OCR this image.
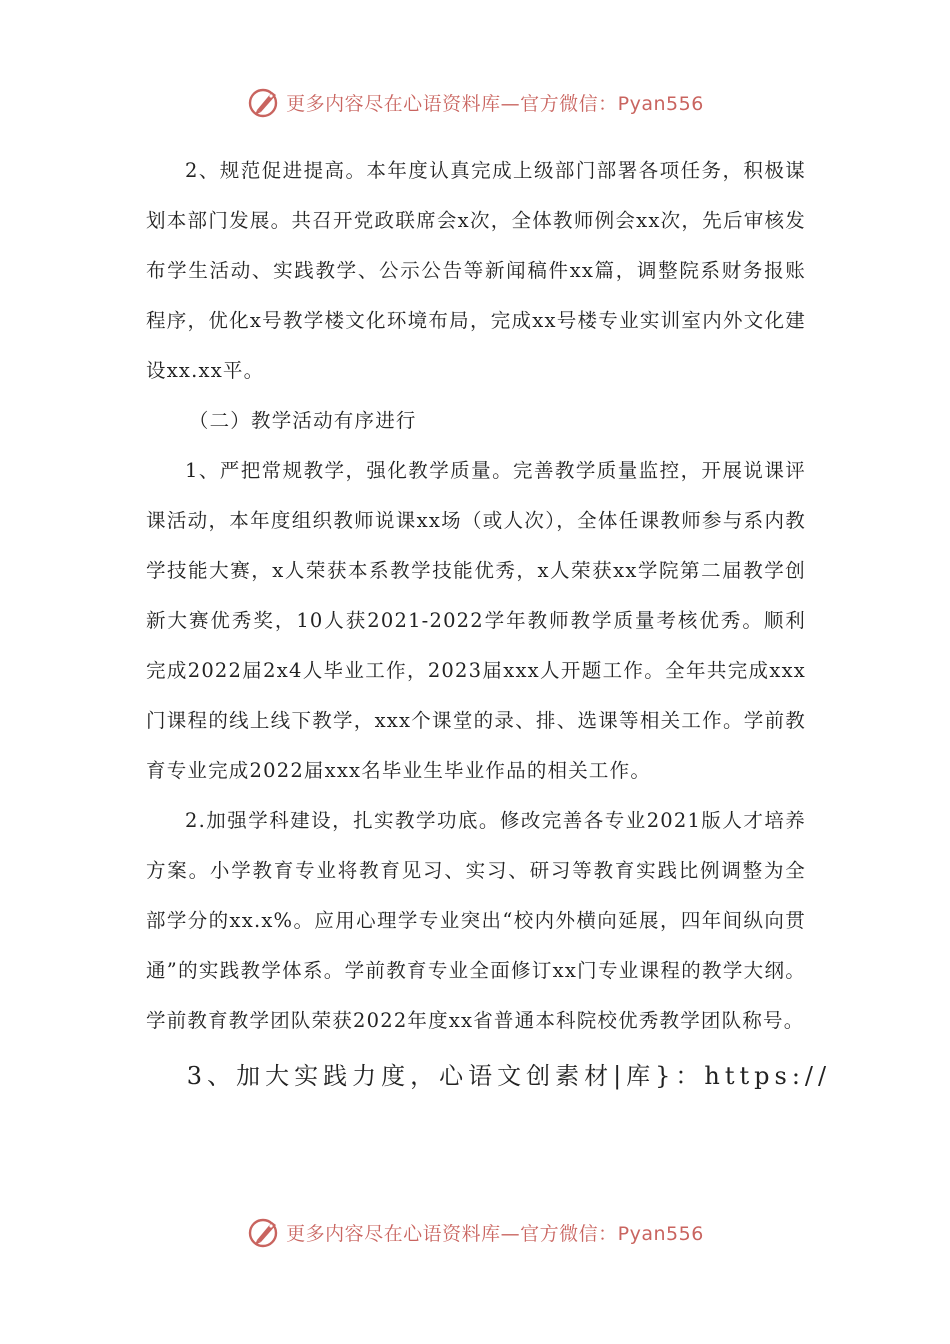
更多内容尽在心语资料库—官方微信：Pyan556

2、规范促进提高。本年度认真完成上级部门部署各项任务，积极谋划本部门发展。共召开党政联席会x次，全体教师例会xx次，先后审核发布学生活动、实践教学、公示公告等新闻稿件xx篇，调整院系财务报账程序，优化x号教学楼文化环境布局，完成xx号楼专业实训室内外文化建设xx.xx平。

（二）教学活动有序进行

1、严把常规教学，强化教学质量。完善教学质量监控，开展说课评课活动，本年度组织教师说课xx场（或人次），全体任课教师参与系内教学技能大赛，x人荣获本系教学技能优秀，x人荣获xx学院第二届教学创新大赛优秀奖，10人获2021-2022学年教师教学质量考核优秀。顺利完成2022届2x4人毕业工作，2023届xxx人开题工作。全年共完成xxx门课程的线上线下教学，xxx个课堂的录、排、选课等相关工作。学前教育专业完成2022届xxx名毕业生毕业作品的相关工作。

2.加强学科建设，扎实教学功底。修改完善各专业2021版人才培养方案。小学教育专业将教育见习、实习、研习等教育实践比例调整为全部学分的xx.x%。应用心理学专业突出“校内外横向延展，四年间纵向贯通”的实践教学体系。学前教育专业全面修订xx门专业课程的教学大纲。学前教育教学团队荣获2022年度xx省普通本科院校优秀教学团队称号。

3、加大实践力度，心语文创素材|库}：https://

更多内容尽在心语资料库—官方微信：Pyan556
